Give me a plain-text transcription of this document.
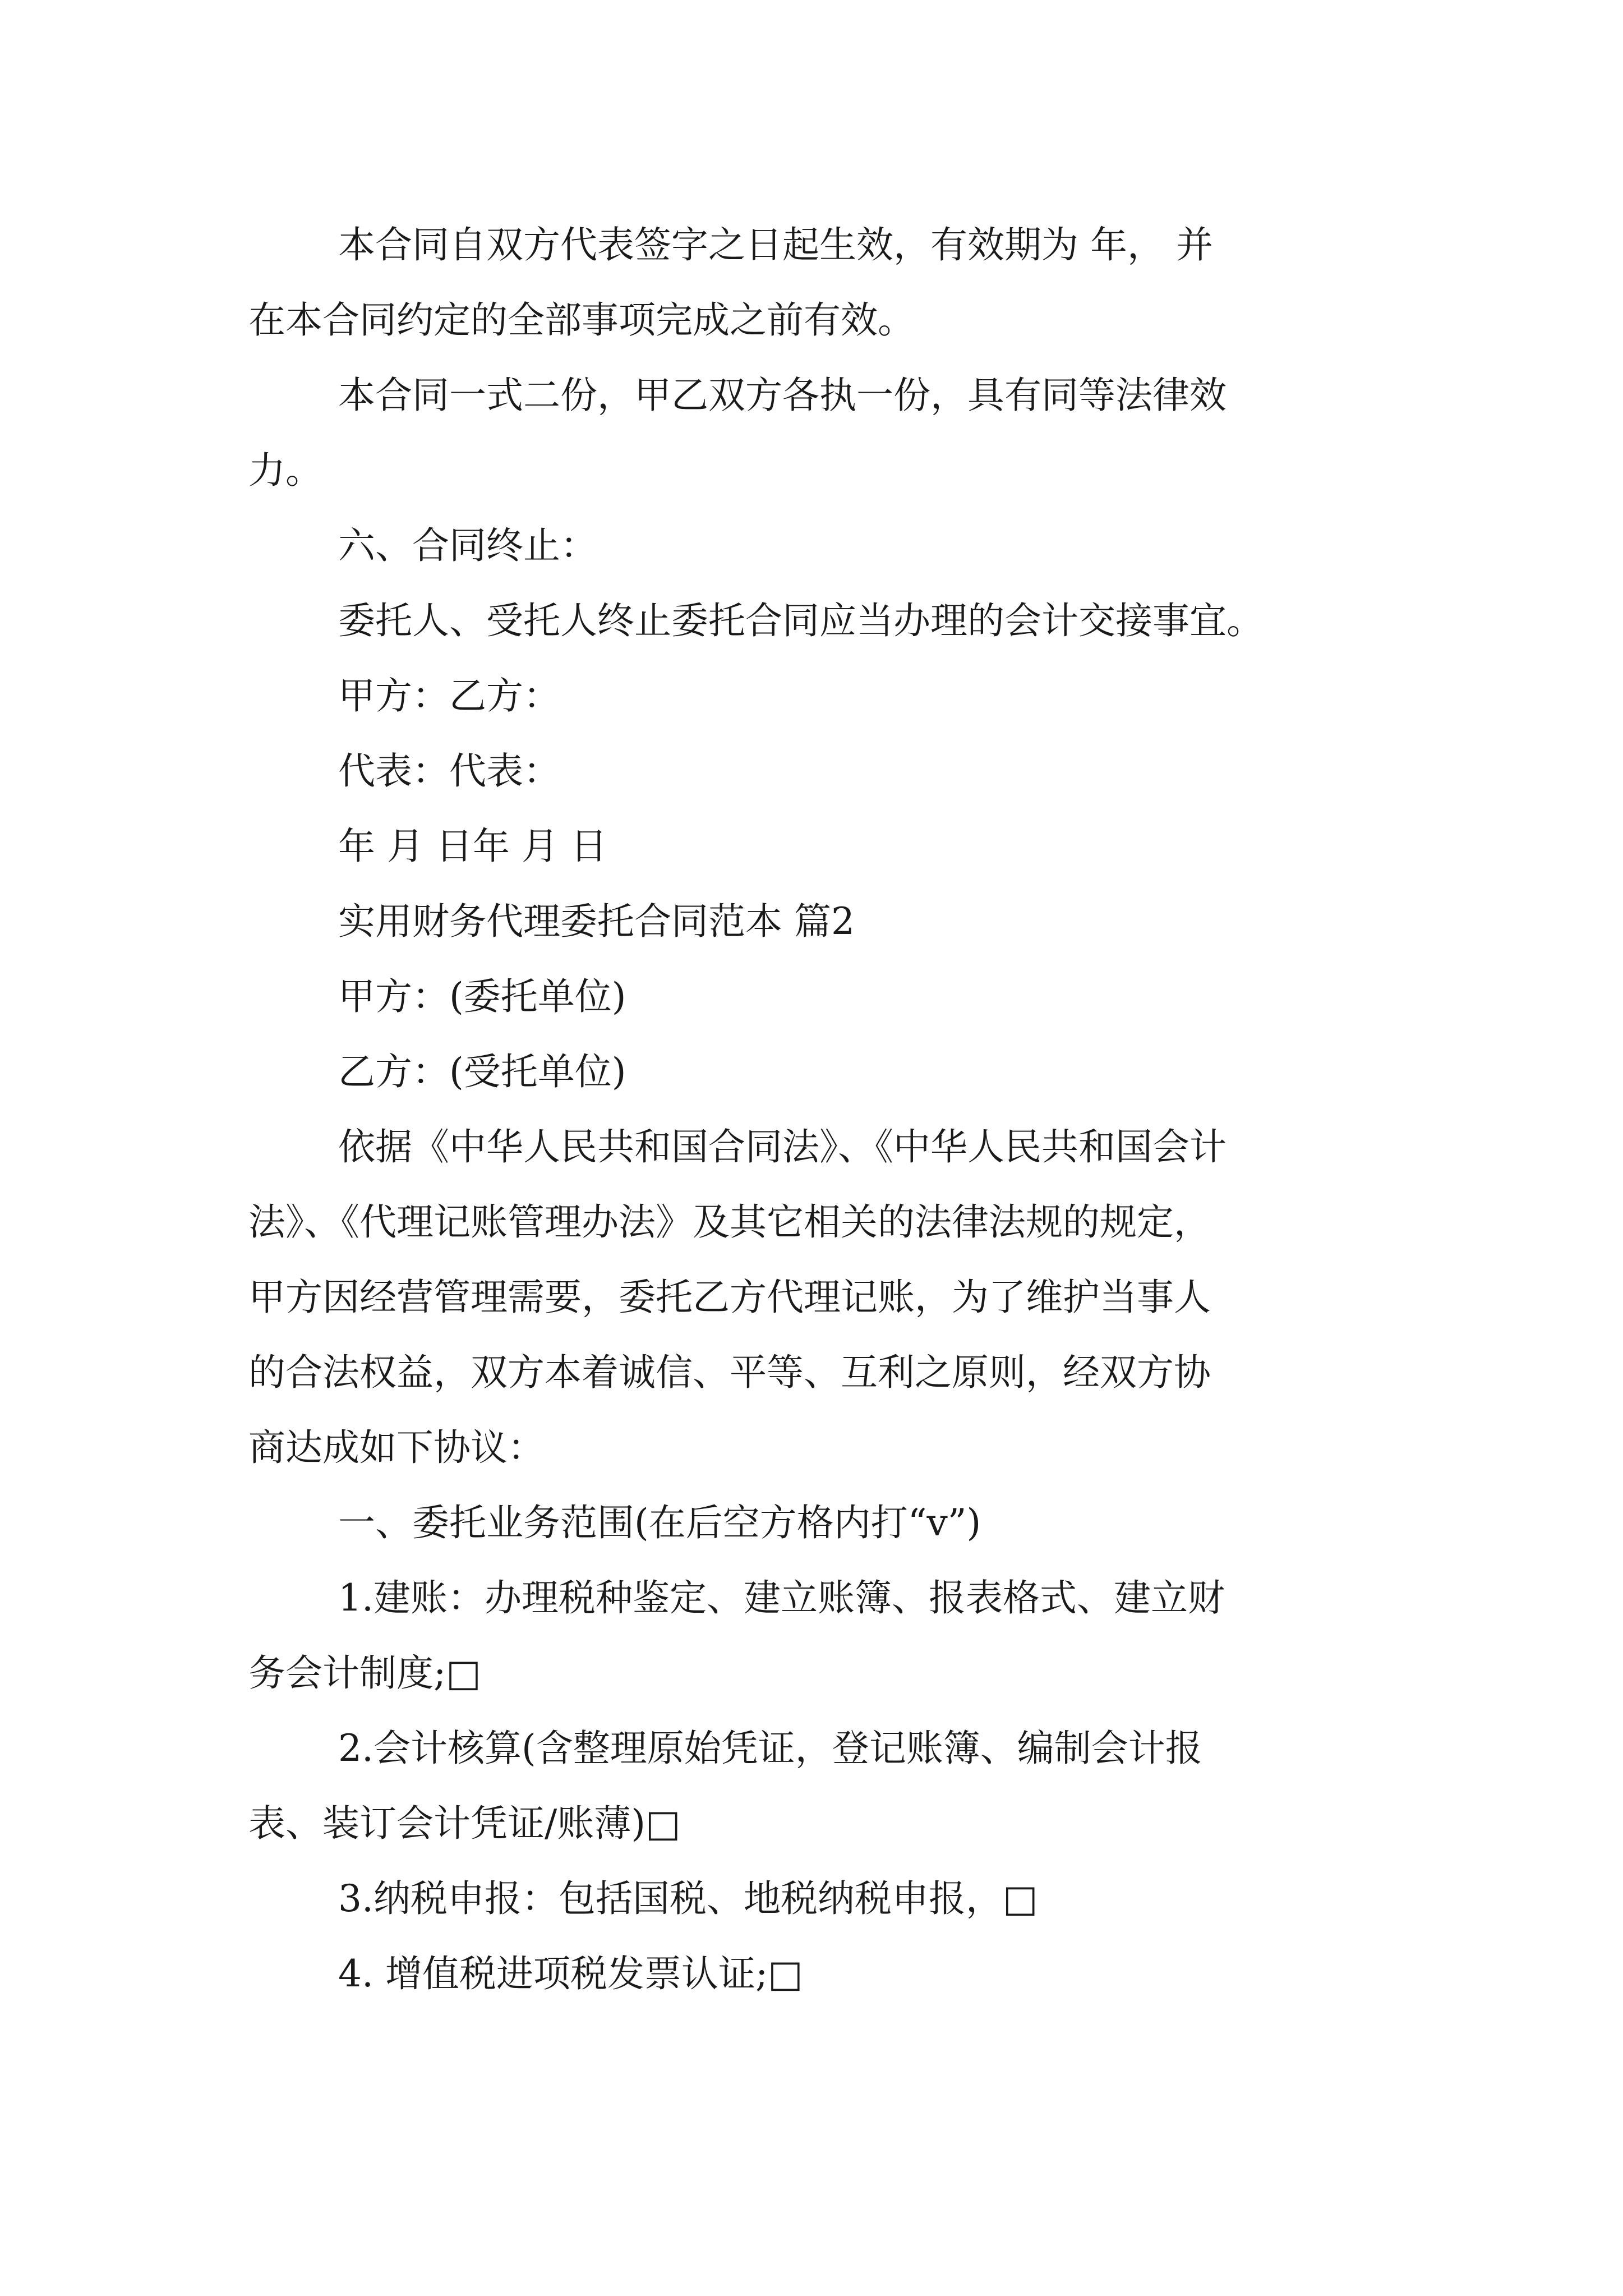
本合同自双方代表签字之日起生效，有效期为 年， 并

在本合同约定的全部事项完成之前有效。

本合同一式二份，甲乙双方各执一份，具有同等法律效

力。

六、合同终止：

委托人、受托人终止委托合同应当办理的会计交接事宜。

甲方：乙方：

代表：代表：

年 月 日年 月 日

实用财务代理委托合同范本 篇2

甲方：(委托单位)

乙方：(受托单位)

依据《中华人民共和国合同法》、《中华人民共和国会计

法》、《代理记账管理办法》及其它相关的法律法规的规定，

甲方因经营管理需要，委托乙方代理记账，为了维护当事人

的合法权益，双方本着诚信、平等、互利之原则，经双方协

商达成如下协议：

一、委托业务范围(在后空方格内打“v”)

1.建账：办理税种鉴定、建立账簿、报表格式、建立财

务会计制度;□

2.会计核算(含整理原始凭证，登记账簿、编制会计报

表、装订会计凭证/账薄)□

3.纳税申报：包括国税、地税纳税申报，□

4. 增值税进项税发票认证;□
